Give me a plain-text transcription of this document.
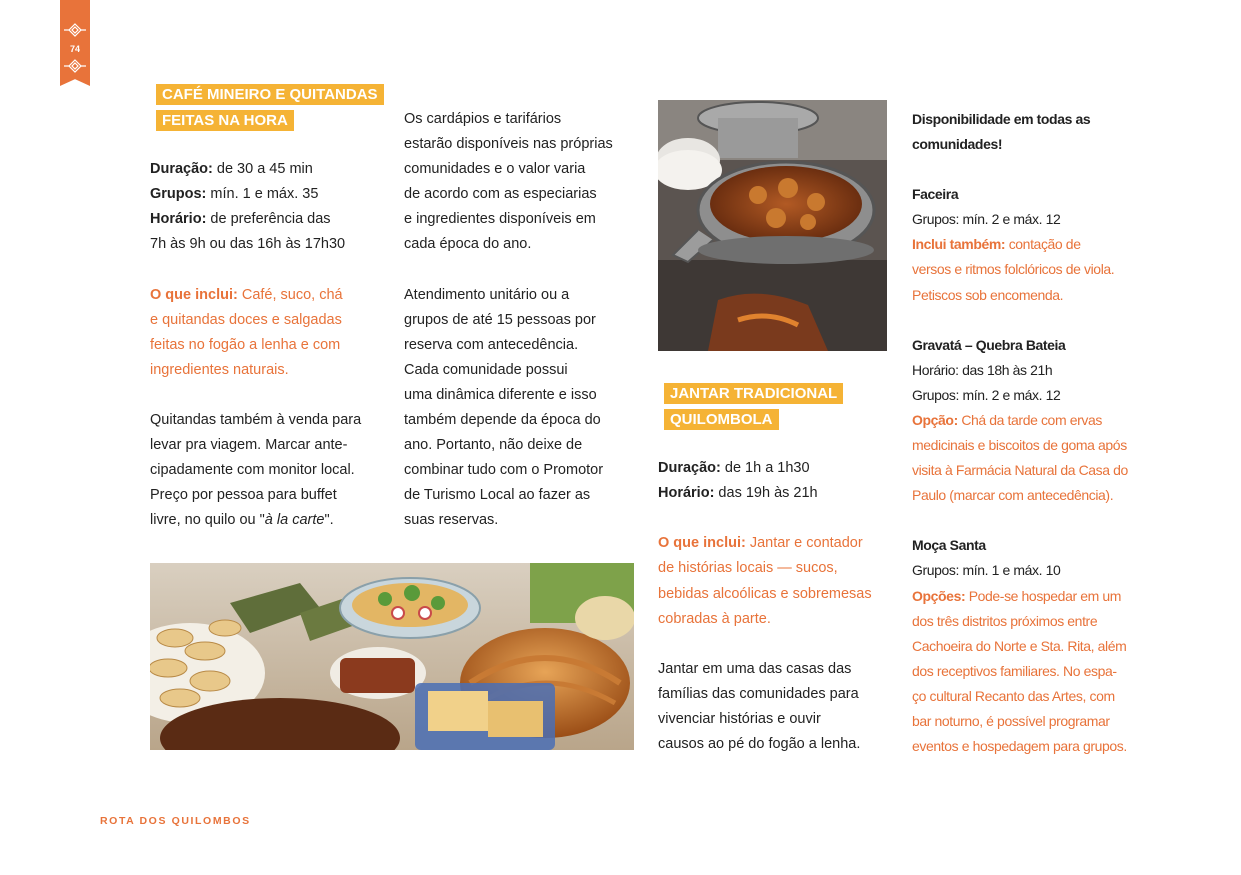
74
CAFÉ MINEIRO E QUITANDAS
FEITAS NA HORA

Duração: de 30 a 45 min

Grupos: mín. 1 e máx. 35

Horário: de preferência das

7h às 9h ou das 16h às 17h30

O que inclui: Café, suco, chá

e quitandas doces e salgadas

feitas no fogão a lenha e com

ingredientes naturais.

Quitandas também à venda para

levar pra viagem. Marcar ante-

cipadamente com monitor local.

Preço por pessoa para buffet

livre, no quilo ou "à la carte".

Os cardápios e tarifários

estarão disponíveis nas próprias

comunidades e o valor varia

de acordo com as especiarias

e ingredientes disponíveis em

cada época do ano.

Atendimento unitário ou a

grupos de até 15 pessoas por

reserva com antecedência.

Cada comunidade possui

uma dinâmica diferente e isso

também depende da época do

ano. Portanto, não deixe de

combinar tudo com o Promotor

de Turismo Local ao fazer as

suas reservas.

JANTAR TRADICIONAL
QUILOMBOLA

Duração: de 1h a 1h30

Horário: das 19h às 21h

O que inclui: Jantar e contador

de histórias locais — sucos,

bebidas alcoólicas e sobremesas

cobradas à parte.

Jantar em uma das casas das

famílias das comunidades para

vivenciar histórias e ouvir

causos ao pé do fogão a lenha.

Disponibilidade em todas as

comunidades!

Faceira

Grupos: mín. 2 e máx. 12

Inclui também: contação de

versos e ritmos folclóricos de viola.

Petiscos sob encomenda.

Gravatá – Quebra Bateia

Horário: das 18h às 21h

Grupos: mín. 2 e máx. 12

Opção: Chá da tarde com ervas

medicinais e biscoitos de goma após

visita à Farmácia Natural da Casa do

Paulo (marcar com antecedência).

Moça Santa

Grupos: mín. 1 e máx. 10

Opções: Pode-se hospedar em um

dos três distritos próximos entre

Cachoeira do Norte e Sta. Rita, além

dos receptivos familiares. No espa-

ço cultural Recanto das Artes, com

bar noturno, é possível programar

eventos e hospedagem para grupos.

ROTA DOS QUILOMBOS
